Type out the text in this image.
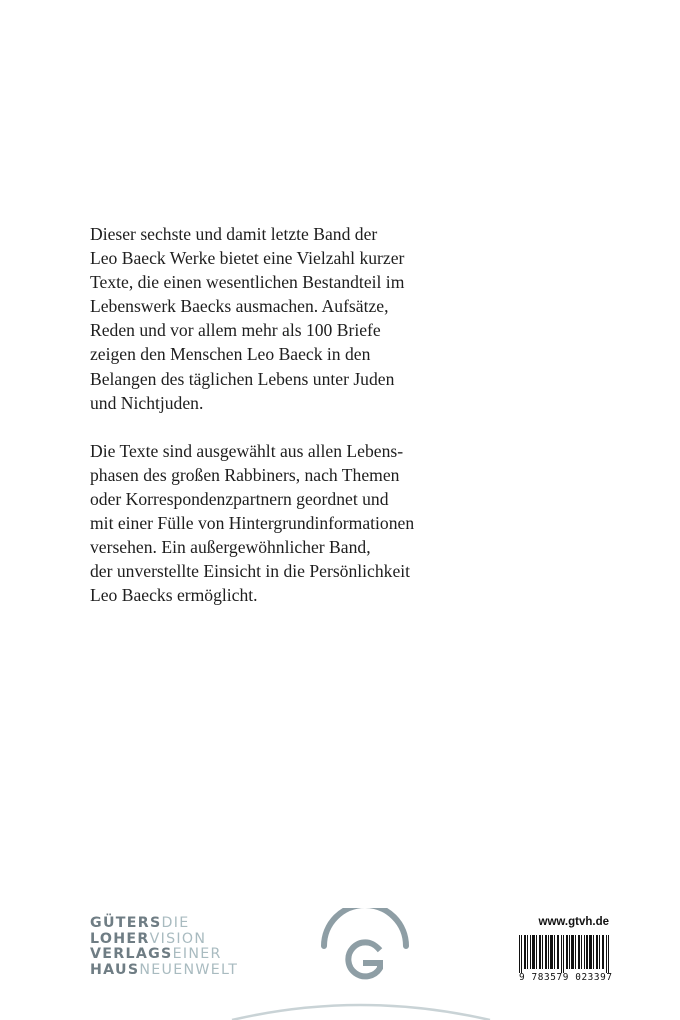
Dieser sechste und damit letzte Band der
Leo Baeck Werke bietet eine Vielzahl kurzer
Texte, die einen wesentlichen Bestandteil im
Lebenswerk Baecks ausmachen. Aufsätze,
Reden und vor allem mehr als 100 Briefe
zeigen den Menschen Leo Baeck in den
Belangen des täglichen Lebens unter Juden
und Nichtjuden.

Die Texte sind ausgewählt aus allen Lebens-
phasen des großen Rabbiners, nach Themen
oder Korrespondenzpartnern geordnet und
mit einer Fülle von Hintergrundinformationen
versehen. Ein außergewöhnlicher Band,
der unverstellte Einsicht in die Persönlichkeit
Leo Baecks ermöglicht.

GÜTERSDIE
LOHERVISION
VERLAGSEINER
HAUSNEUENWELT
www.gtvh.de
9 783579 023397
